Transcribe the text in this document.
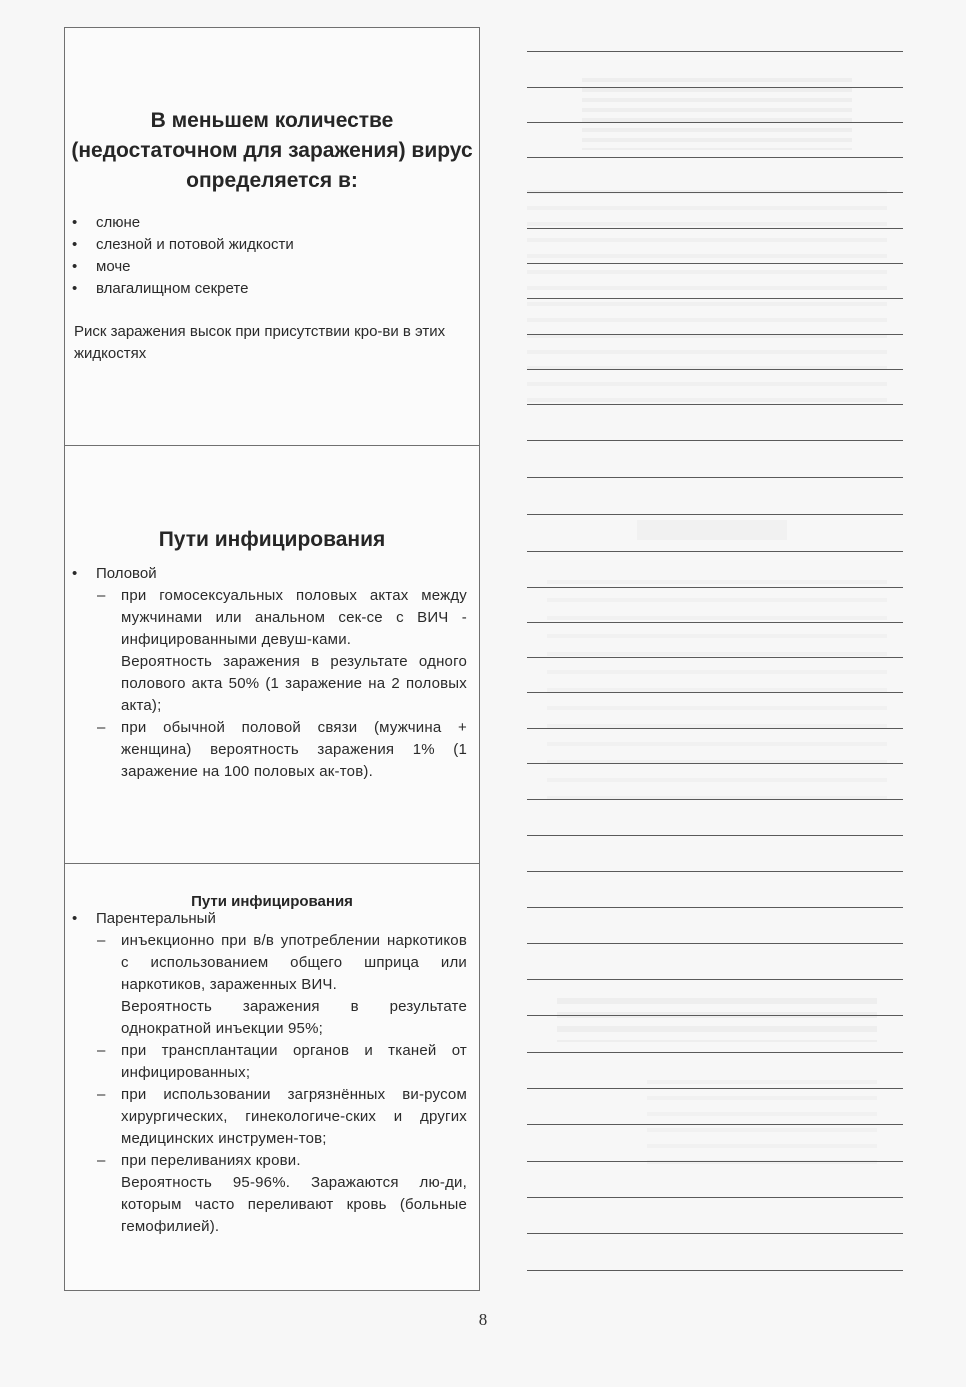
В меньшем количестве (недостаточном для заражения) вирус определяется в:
• слюне
• слезной и потовой жидкости
• моче
• влагалищном секрете
Риск заражения высок при присутствии кро-ви в этих жидкостях
Пути инфицирования
• Половой
– при гомосексуальных половых актах между мужчинами или анальном сек-се с ВИЧ - инфицированными девуш-ками.
Вероятность заражения в результате одного полового акта 50% (1 заражение на 2 половых акта);
– при обычной половой связи (мужчина + женщина) вероятность заражения 1% (1 заражение на 100 половых ак-тов).
Пути инфицирования
• Парентеральный
– инъекционно при в/в употреблении наркотиков с использованием общего шприца или наркотиков, зараженных ВИЧ.
Вероятность заражения в результате однократной инъекции 95%;
– при трансплантации органов и тканей от инфицированных;
– при использовании загрязнённых ви-русом хирургических, гинекологиче-ских и других медицинских инструмен-тов;
– при переливаниях крови.
Вероятность 95-96%. Заражаются лю-ди, которым часто переливают кровь (больные гемофилией).
8
